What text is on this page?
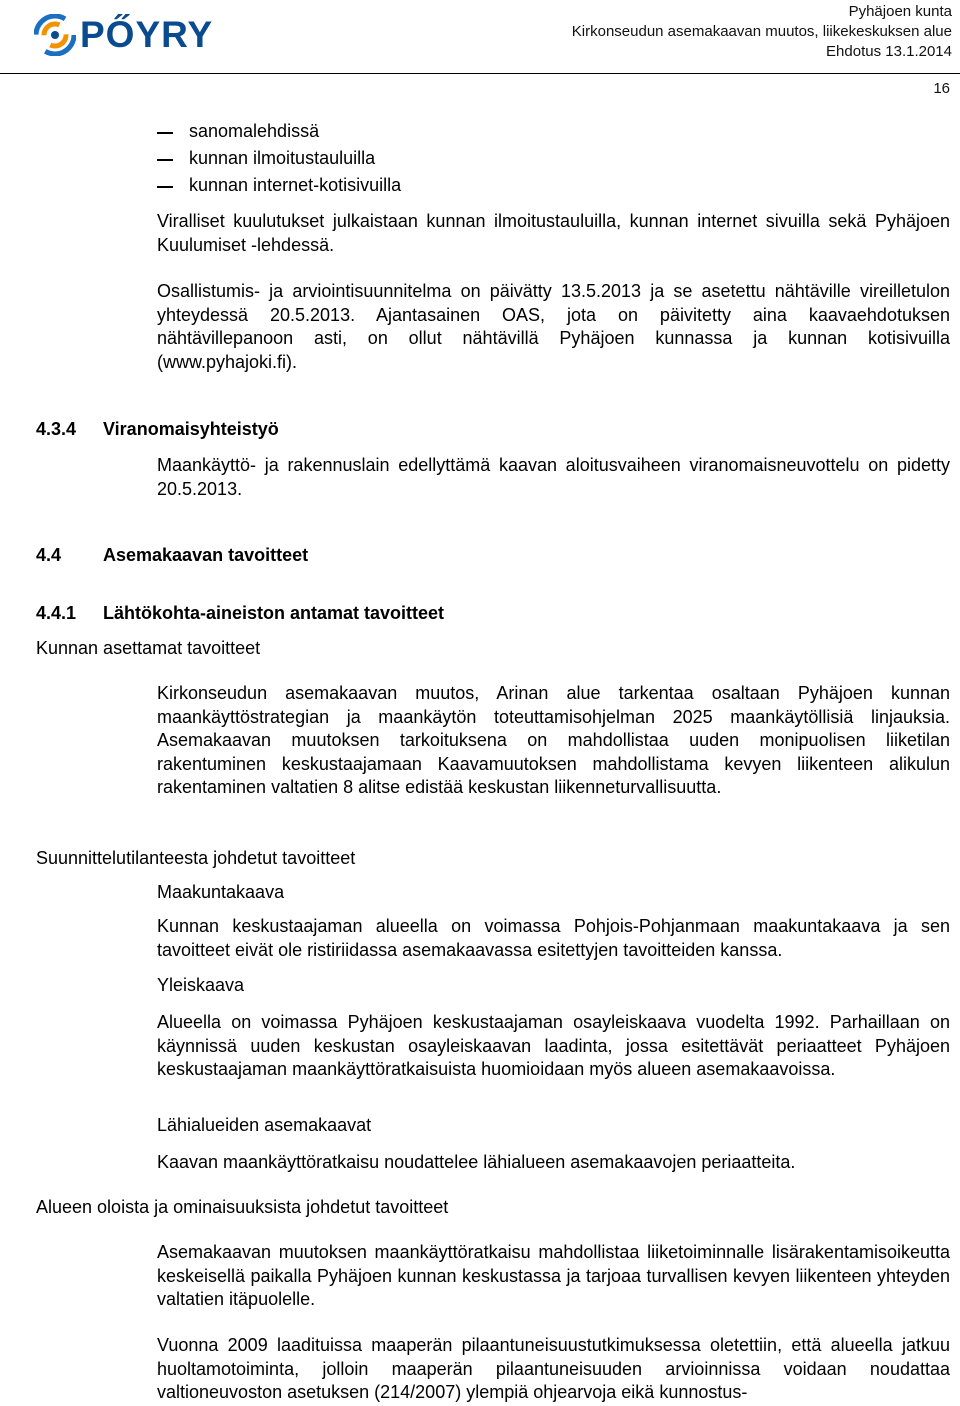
PŐYRY
Pyhäjoen kunta
Kirkonseudun asemakaavan muutos, liikekeskuksen alue
Ehdotus 13.1.2014
16
sanomalehdissä
kunnan ilmoitustauluilla
kunnan internet-kotisivuilla
Viralliset kuulutukset julkaistaan kunnan ilmoitustauluilla, kunnan internet sivuilla sekä Pyhäjoen Kuulumiset -lehdessä.
Osallistumis- ja arviointisuunnitelma on päivätty 13.5.2013 ja se asetettu nähtäville vireilletulon yhteydessä 20.5.2013. Ajantasainen OAS, jota on päivitetty aina kaavaehdotuksen nähtävillepanoon asti, on ollut nähtävillä Pyhäjoen kunnassa ja kunnan kotisivuilla (www.pyhajoki.fi).
4.3.4 Viranomaisyhteistyö
Maankäyttö- ja rakennuslain edellyttämä kaavan aloitusvaiheen viranomaisneuvottelu on pidetty 20.5.2013.
4.4 Asemakaavan tavoitteet
4.4.1 Lähtökohta-aineiston antamat tavoitteet
Kunnan asettamat tavoitteet
Kirkonseudun asemakaavan muutos, Arinan alue tarkentaa osaltaan Pyhäjoen kunnan maankäyttöstrategian ja maankäytön toteuttamisohjelman 2025 maankäytöllisiä linjauksia. Asemakaavan muutoksen tarkoituksena on mahdollistaa uuden monipuolisen liiketilan rakentuminen keskustaajamaan Kaavamuutoksen mahdollistama kevyen liikenteen alikulun rakentaminen valtatien 8 alitse edistää keskustan liikenneturvallisuutta.
Suunnittelutilanteesta johdetut tavoitteet
Maakuntakaava
Kunnan keskustaajaman alueella on voimassa Pohjois-Pohjanmaan maakuntakaava ja sen tavoitteet eivät ole ristiriidassa asemakaavassa esitettyjen tavoitteiden kanssa.
Yleiskaava
Alueella on voimassa Pyhäjoen keskustaajaman osayleiskaava vuodelta 1992. Parhaillaan on käynnissä uuden keskustan osayleiskaavan laadinta, jossa esitettävät periaatteet Pyhäjoen keskustaajaman maankäyttöratkaisuista huomioidaan myös alueen asemakaavoissa.
Lähialueiden asemakaavat
Kaavan maankäyttöratkaisu noudattelee lähialueen asemakaavojen periaatteita.
Alueen oloista ja ominaisuuksista johdetut tavoitteet
Asemakaavan muutoksen maankäyttöratkaisu mahdollistaa liiketoiminnalle lisärakentamisoikeutta keskeisellä paikalla Pyhäjoen kunnan keskustassa ja tarjoaa turvallisen kevyen liikenteen yhteyden valtatien itäpuolelle.
Vuonna 2009 laadituissa maaperän pilaantuneisuustutkimuksessa oletettiin, että alueella jatkuu huoltamotoiminta, jolloin maaperän pilaantuneisuuden arvioinnissa voidaan noudattaa valtioneuvoston asetuksen (214/2007) ylempiä ohjearvoja eikä kunnostus-
